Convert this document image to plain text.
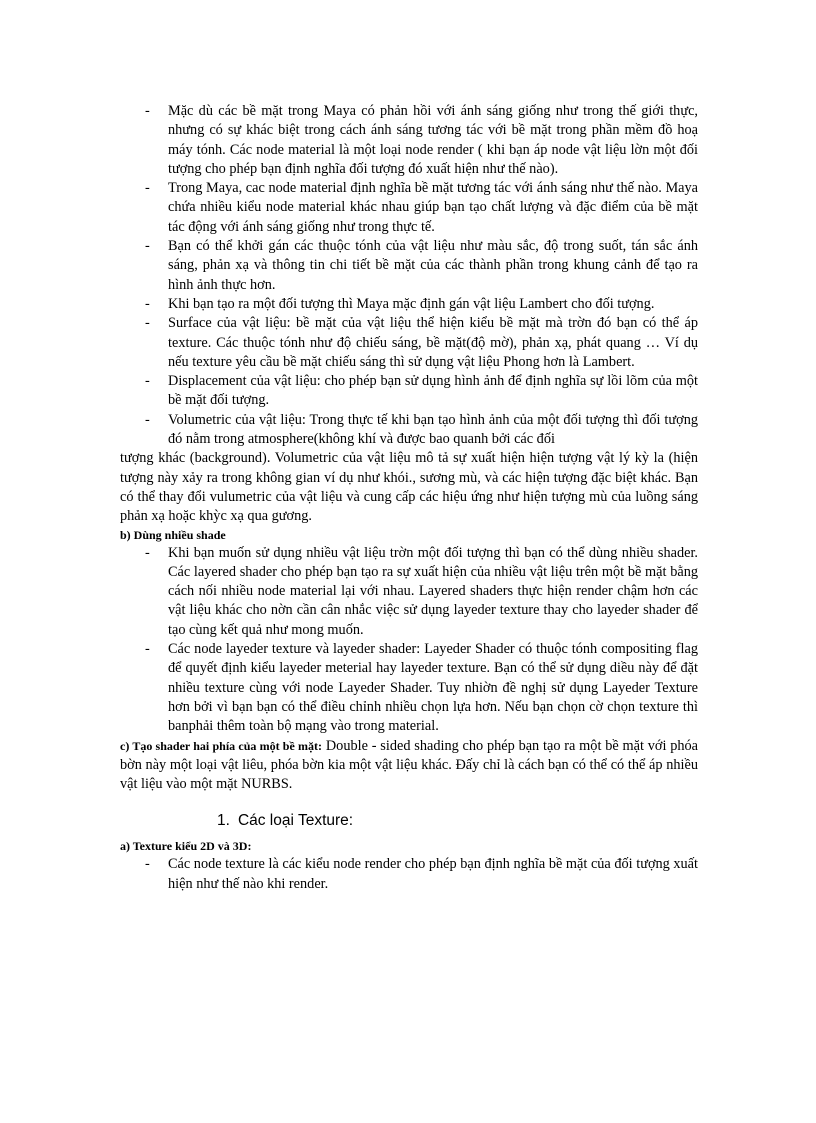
- Mặc dù các bề mặt trong Maya có phản hồi với ánh sáng giống như trong thế giới thực, nhưng có sự khác biệt trong cách ánh sáng tương tác với bề mặt trong phần mềm đồ hoạ máy tónh. Các node material là một loại node render ( khi bạn áp node vật liệu lờn một đối tượng cho phép bạn định nghĩa đối tượng đó xuất hiện như thế nào).
- Trong Maya, cac node material định nghĩa bề mặt tương tác với ánh sáng như thế nào. Maya chứa nhiều kiểu node material khác nhau giúp bạn tạo chất lượng và đặc điểm của bề mặt tác động với ánh sáng giống như trong thực tế.
- Bạn có thể khởi gán các thuộc tónh của vật liệu như màu sắc, độ trong suốt, tán sắc ánh sáng, phản xạ và thông tin chi tiết bề mặt của các thành phần trong khung cảnh để tạo ra hình ảnh thực hơn.
- Khi bạn tạo ra một đối tượng thì Maya mặc định gán vật liệu Lambert cho đối tượng.
- Surface của vật liệu: bề mặt của vật liệu thể hiện kiểu bề mặt mà trờn đó bạn có thể áp texture. Các thuộc tónh như độ chiếu sáng, bề mặt(độ mờ), phản xạ, phát quang … Ví dụ nếu texture yêu cầu bề mặt chiếu sáng thì sử dụng vật liệu Phong hơn là Lambert.
- Displacement của vật liệu: cho phép bạn sử dụng hình ảnh để định nghĩa sự lồi lõm của một bề mặt đối tượng.
- Volumetric của vật liệu: Trong thực tế khi bạn tạo hình ảnh của một đối tượng thì đối tượng đó nằm trong atmosphere(không khí và được bao quanh bởi các đối

tượng khác (background). Volumetric của vật liệu mô tả sự xuất hiện hiện tượng vật lý kỳ la (hiện tượng này xảy ra trong không gian ví dụ như khói., sương mù, và các hiện tượng đặc biệt khác. Bạn có thể thay đổi vulumetric của vật liệu và cung cấp các hiệu ứng như hiện tượng mù của luồng sáng phản xạ hoặc khỳc xạ qua gương.

b) Dùng nhiều shade

- Khi bạn muốn sử dụng nhiều vật liệu trờn một đối tượng thì bạn có thể dùng nhiều shader. Các layered shader cho phép bạn tạo ra sự xuất hiện của nhiều vật liệu trên một bề mặt bằng cách nối nhiều node material lại với nhau. Layered shaders thực hiện render chậm hơn các vật liệu khác cho nờn cần cân nhắc việc sử dụng layeder texture thay cho layeder shader để tạo cùng kết quả như mong muốn.
- Các node layeder texture và layeder shader: Layeder Shader có thuộc tónh compositing flag để quyết định kiểu layeder meterial hay layeder texture. Bạn có thể sử dụng diều này để đặt nhiều texture cùng với node Layeder Shader. Tuy nhiờn đề nghị sử dụng Layeder Texture hơn bởi vì bạn bạn có thể điều chỉnh nhiều chọn lựa hơn. Nếu bạn chọn cờ chọn texture thì banphải thêm toàn bộ mạng vào trong material.

c) Tạo shader hai phía của một bề mặt: Double - sided shading cho phép bạn tạo ra một bề mặt với phóa bờn này một loại vật liêu, phóa bờn kia một vật liệu khác. Đấy chỉ là cách bạn có thể có thể áp nhiều vật liệu vào một mặt NURBS.

1. Các loại Texture:

a) Texture kiểu 2D và 3D:

- Các node texture là các kiểu node render cho phép bạn định nghĩa bề mặt của đối tượng xuất hiện như thế nào khi render.
